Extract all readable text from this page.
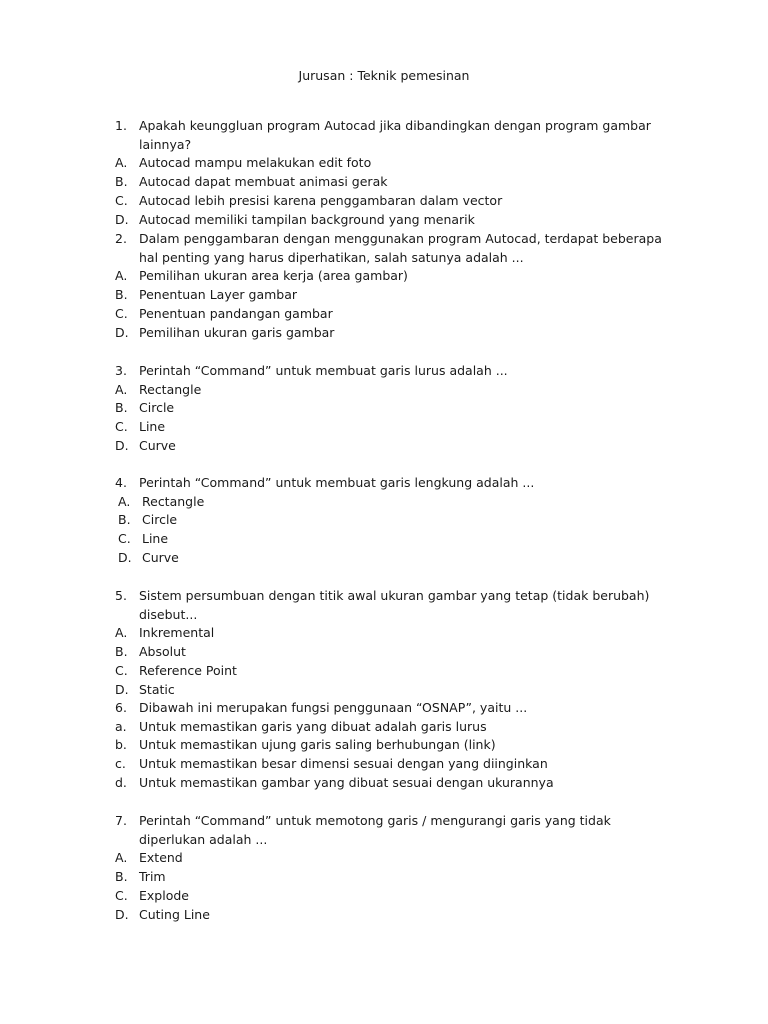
Jurusan : Teknik pemesinan
1. Apakah keunggluan program Autocad jika dibandingkan dengan program gambar lainnya?
A. Autocad mampu melakukan edit foto
B. Autocad dapat membuat animasi gerak
C. Autocad lebih presisi karena penggambaran dalam vector
D. Autocad memiliki tampilan background yang menarik
2. Dalam penggambaran dengan menggunakan program Autocad, terdapat beberapa hal penting yang harus diperhatikan, salah satunya adalah ...
A. Pemilihan ukuran area kerja (area gambar)
B. Penentuan Layer gambar
C. Penentuan pandangan gambar
D. Pemilihan ukuran garis gambar
3. Perintah “Command” untuk membuat garis lurus adalah ...
A. Rectangle
B. Circle
C. Line
D. Curve
4. Perintah “Command” untuk membuat garis lengkung adalah ...
A. Rectangle
B. Circle
C. Line
D. Curve
5. Sistem persumbuan dengan titik awal ukuran gambar yang tetap (tidak berubah) disebut...
A. Inkremental
B. Absolut
C. Reference Point
D. Static
6. Dibawah ini merupakan fungsi penggunaan “OSNAP”, yaitu ...
a. Untuk memastikan garis yang dibuat adalah garis lurus
b. Untuk memastikan ujung garis saling berhubungan (link)
c. Untuk memastikan besar dimensi sesuai dengan yang diinginkan
d. Untuk memastikan gambar yang dibuat sesuai dengan ukurannya
7. Perintah “Command” untuk memotong garis / mengurangi garis yang tidak diperlukan adalah ...
A. Extend
B. Trim
C. Explode
D. Cuting Line
